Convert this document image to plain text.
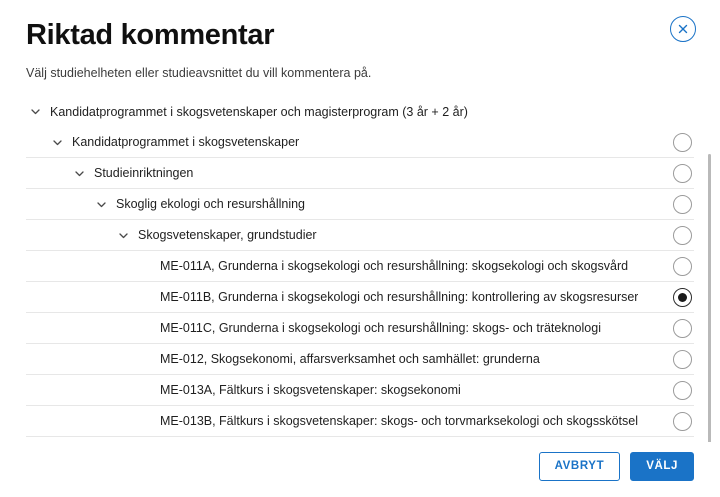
Riktad kommentar

Välj studiehelheten eller studieavsnittet du vill kommentera på.

Kandidatprogrammet i skogsvetenskaper och magisterprogram (3 år + 2 år)
Kandidatprogrammet i skogsvetenskaper
Studieinriktningen
Skoglig ekologi och resurshållning
Skogsvetenskaper, grundstudier
ME-011A, Grunderna i skogsekologi och resurshållning: skogsekologi och skogsvård
ME-011B, Grunderna i skogsekologi och resurshållning: kontrollering av skogsresurser
ME-011C, Grunderna i skogsekologi och resurshållning: skogs- och träteknologi
ME-012, Skogsekonomi, affarsverksamhet och samhället: grunderna
ME-013A, Fältkurs i skogsvetenskaper: skogsekonomi
ME-013B, Fältkurs i skogsvetenskaper: skogs- och torvmarksekologi och skogsskötsel
AVBRYT	VÄLJ
